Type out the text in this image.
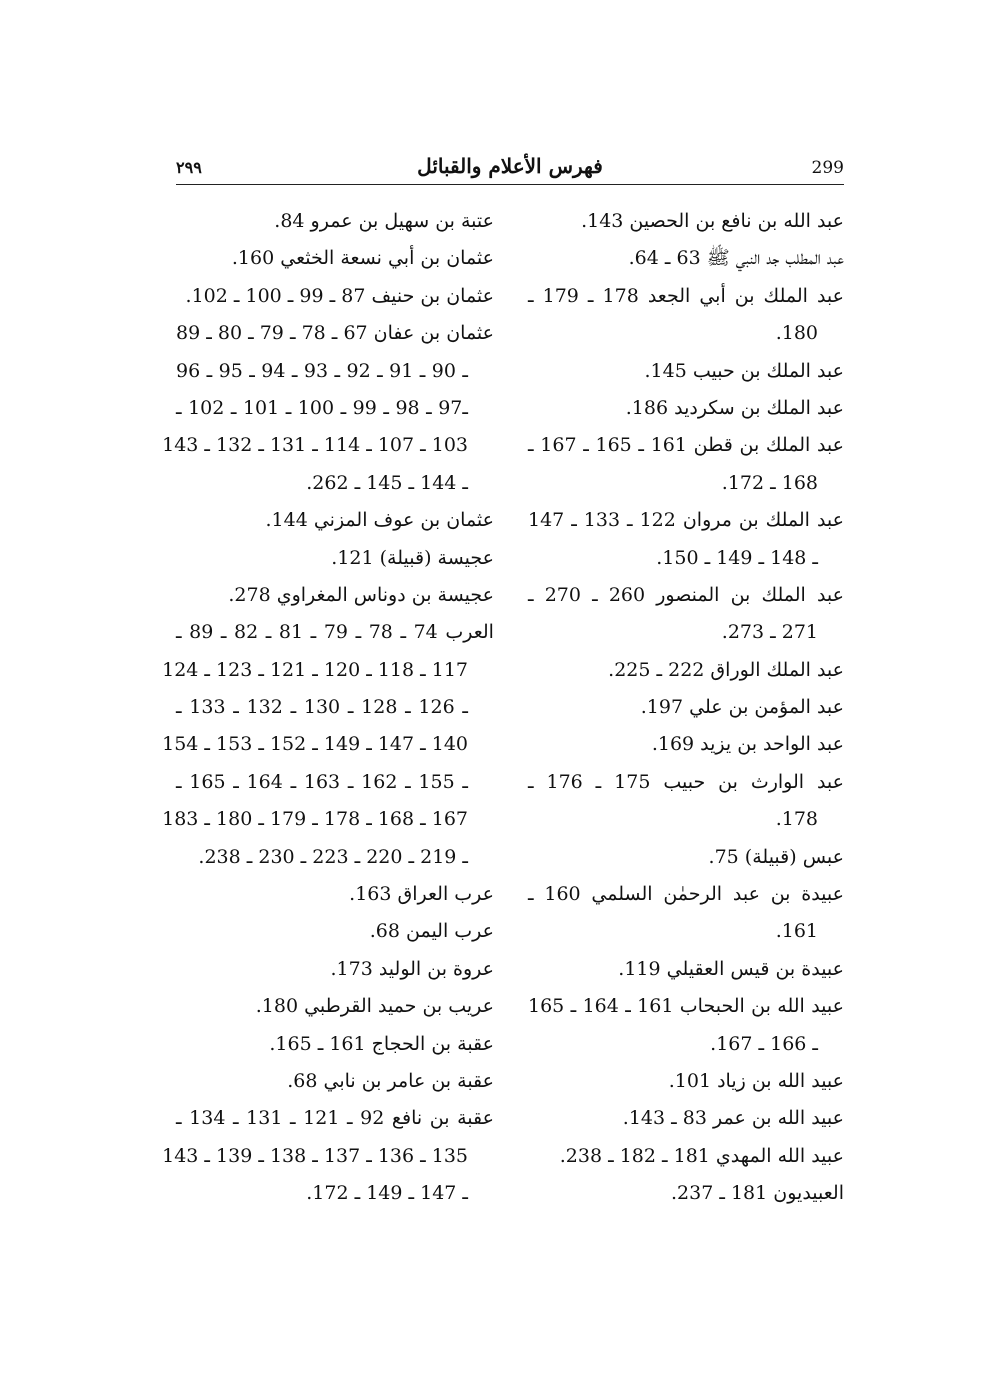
٢٩٩	فهرس الأعلام والقبائل	299
عبد الله بن نافع بن الحصين 143.
عبد المطلب جد النبي ﷺ 63 ـ 64.
عبد الملك بن أبي الجعد 178 ـ 179 ـ
180.
عبد الملك بن حبيب 145.
عبد الملك بن سكرديد 186.
عبد الملك بن قطن 161 ـ 165 ـ 167 ـ
168 ـ 172.
عبد الملك بن مروان 122 ـ 133 ـ 147
ـ 148 ـ 149 ـ 150.
عبد الملك بن المنصور 260 ـ 270 ـ
271 ـ 273.
عبد الملك الوراق 222 ـ 225.
عبد المؤمن بن علي 197.
عبد الواحد بن يزيد 169.
عبد الوارث بن حبيب 175 ـ 176 ـ
178.
عبس (قبيلة) 75.
عبيدة بن عبد الرحمٰن السلمي 160 ـ
161.
عبيدة بن قيس العقيلي 119.
عبيد الله بن الحبحاب 161 ـ 164 ـ 165
ـ 166 ـ 167.
عبيد الله بن زياد 101.
عبيد الله بن عمر 83 ـ 143.
عبيد الله المهدي 181 ـ 182 ـ 238.
العبيديون 181 ـ 237.
عتبة بن سهيل بن عمرو 84.
عثمان بن أبي نسعة الخثعي 160.
عثمان بن حنيف 87 ـ 99 ـ 100 ـ 102.
عثمان بن عفان 67 ـ 78 ـ 79 ـ 80 ـ 89
ـ 90 ـ 91 ـ 92 ـ 93 ـ 94 ـ 95 ـ 96
ـ97 ـ 98 ـ 99 ـ 100 ـ 101 ـ 102 ـ
103 ـ 107 ـ 114 ـ 131 ـ 132 ـ 143
ـ 144 ـ 145 ـ 262.
عثمان بن عوف المزني 144.
عجيسة (قبيلة) 121.
عجيسة بن دوناس المغراوي 278.
العرب 74 ـ 78 ـ 79 ـ 81 ـ 82 ـ 89 ـ
117 ـ 118 ـ 120 ـ 121 ـ 123 ـ 124
ـ 126 ـ 128 ـ 130 ـ 132 ـ 133 ـ
140 ـ 147 ـ 149 ـ 152 ـ 153 ـ 154
ـ 155 ـ 162 ـ 163 ـ 164 ـ 165 ـ
167 ـ 168 ـ 178 ـ 179 ـ 180 ـ 183
ـ 219 ـ 220 ـ 223 ـ 230 ـ 238.
عرب العراق 163.
عرب اليمن 68.
عروة بن الوليد 173.
عريب بن حميد القرطبي 180.
عقبة بن الحجاج 161 ـ 165.
عقبة بن عامر بن نابي 68.
عقبة بن نافع 92 ـ 121 ـ 131 ـ 134 ـ
135 ـ 136 ـ 137 ـ 138 ـ 139 ـ 143
ـ 147 ـ 149 ـ 172.
